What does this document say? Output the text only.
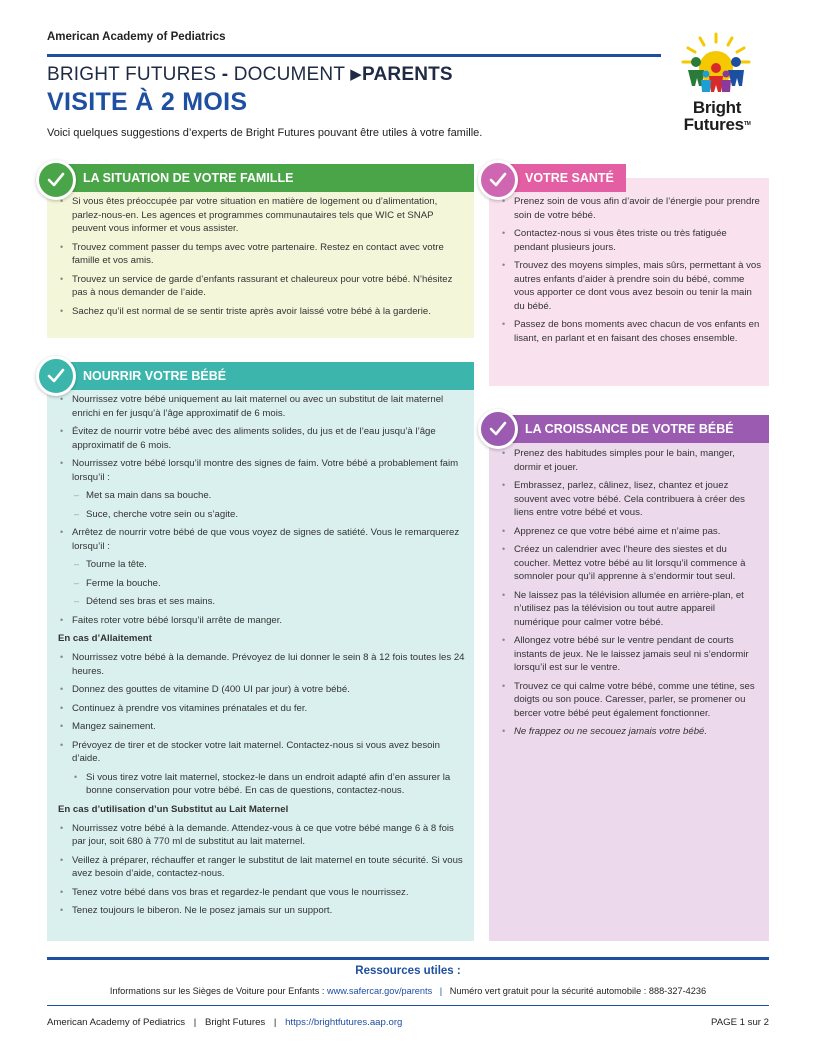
American Academy of Pediatrics
BRIGHT FUTURES - DOCUMENT ▶PARENTS
VISITE À 2 MOIS
Voici quelques suggestions d’experts de Bright Futures pouvant être utiles à votre famille.
Bright
Futures™
LA SITUATION DE VOTRE FAMILLE
• Si vous êtes préoccupée par votre situation en matière de logement ou d’alimentation, parlez-nous-en. Les agences et programmes communautaires tels que WIC et SNAP peuvent vous informer et vous assister.
• Trouvez comment passer du temps avec votre partenaire. Restez en contact avec votre famille et vos amis.
• Trouvez un service de garde d’enfants rassurant et chaleureux pour votre bébé. N’hésitez pas à nous demander de l’aide.
• Sachez qu’il est normal de se sentir triste après avoir laissé votre bébé à la garderie.
VOTRE SANTÉ
• Prenez soin de vous afin d’avoir de l’énergie pour prendre soin de votre bébé.
• Contactez-nous si vous êtes triste ou très fatiguée pendant plusieurs jours.
• Trouvez des moyens simples, mais sûrs, permettant à vos autres enfants d’aider à prendre soin du bébé, comme vous apporter ce dont vous avez besoin ou tenir la main du bébé.
• Passez de bons moments avec chacun de vos enfants en lisant, en parlant et en faisant des choses ensemble.
NOURRIR VOTRE BÉBÉ
• Nourrissez votre bébé uniquement au lait maternel ou avec un substitut de lait maternel enrichi en fer jusqu’à l’âge approximatif de 6 mois.
• Évitez de nourrir votre bébé avec des aliments solides, du jus et de l’eau jusqu’à l’âge approximatif de 6 mois.
• Nourrissez votre bébé lorsqu’il montre des signes de faim. Votre bébé a probablement faim lorsqu’il :
– Met sa main dans sa bouche.
– Suce, cherche votre sein ou s’agite.
• Arrêtez de nourrir votre bébé de que vous voyez de signes de satiété. Vous le remarquerez lorsqu’il :
– Tourne la tête.
– Ferme la bouche.
– Détend ses bras et ses mains.
• Faites roter votre bébé lorsqu’il arrête de manger.
En cas d’Allaitement
• Nourrissez votre bébé à la demande. Prévoyez de lui donner le sein 8 à 12 fois toutes les 24 heures.
• Donnez des gouttes de vitamine D (400 UI par jour) à votre bébé.
• Continuez à prendre vos vitamines prénatales et du fer.
• Mangez sainement.
• Prévoyez de tirer et de stocker votre lait maternel. Contactez-nous si vous avez besoin d’aide.
• Si vous tirez votre lait maternel, stockez-le dans un endroit adapté afin d’en assurer la bonne conservation pour votre bébé. En cas de questions, contactez-nous.
En cas d’utilisation d’un Substitut au Lait Maternel
• Nourrissez votre bébé à la demande. Attendez-vous à ce que votre bébé mange 6 à 8 fois par jour, soit 680 à 770 ml de substitut au lait maternel.
• Veillez à préparer, réchauffer et ranger le substitut de lait maternel en toute sécurité. Si vous avez besoin d’aide, contactez-nous.
• Tenez votre bébé dans vos bras et regardez-le pendant que vous le nourrissez.
• Tenez toujours le biberon. Ne le posez jamais sur un support.
LA CROISSANCE DE VOTRE BÉBÉ
• Prenez des habitudes simples pour le bain, manger, dormir et jouer.
• Embrassez, parlez, câlinez, lisez, chantez et jouez souvent avec votre bébé. Cela contribuera à créer des liens entre votre bébé et vous.
• Apprenez ce que votre bébé aime et n’aime pas.
• Créez un calendrier avec l’heure des siestes et du coucher. Mettez votre bébé au lit lorsqu’il commence à somnoler pour qu’il apprenne à s’endormir tout seul.
• Ne laissez pas la télévision allumée en arrière-plan, et n’utilisez pas la télévision ou tout autre appareil numérique pour calmer votre bébé.
• Allongez votre bébé sur le ventre pendant de courts instants de jeux. Ne le laissez jamais seul ni s’endormir lorsqu’il est sur le ventre.
• Trouvez ce qui calme votre bébé, comme une tétine, ses doigts ou son pouce. Caresser, parler, se promener ou bercer votre bébé peut également fonctionner.
• Ne frappez ou ne secouez jamais votre bébé.
Ressources utiles :
Informations sur les Sièges de Voiture pour Enfants : www.safercar.gov/parents | Numéro vert gratuit pour la sécurité automobile : 888-327-4236
American Academy of Pediatrics | Bright Futures | https://brightfutures.aap.org	PAGE 1 sur 2
